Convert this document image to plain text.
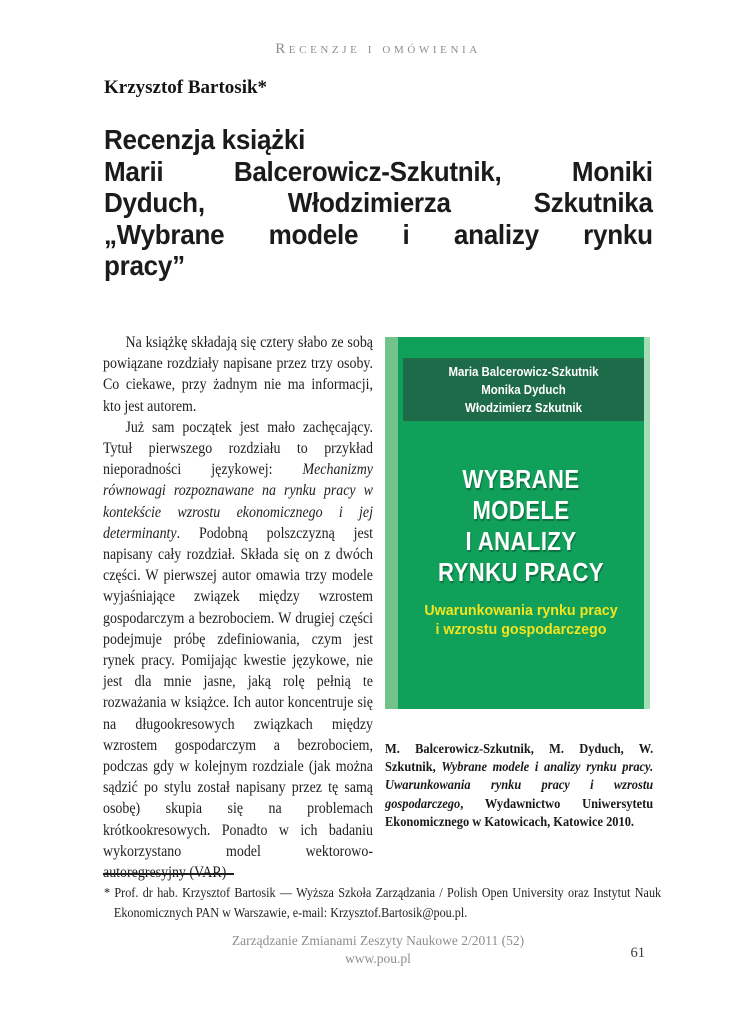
Recenzje i omówienia
Krzysztof Bartosik*
Recenzja książki
Marii Balcerowicz-Szkutnik, Moniki
Dyduch, Włodzimierza Szkutnika
„Wybrane modele i analizy rynku
pracy”

Na książkę składają się cztery słabo ze sobą powiązane rozdziały napisane przez trzy osoby. Co ciekawe, przy żadnym nie ma informacji, kto jest autorem.

Już sam początek jest mało zachęcający. Tytuł pierwszego rozdziału to przykład nieporadności językowej: Mechanizmy równowagi rozpoznawane na rynku pracy w kontekście wzrostu ekonomicznego i jej determinanty. Podobną polszczyzną jest napisany cały rozdział. Składa się on z dwóch części. W pierwszej autor omawia trzy modele wyjaśniające związek między wzrostem gospodarczym a bezrobociem. W drugiej części podejmuje próbę zdefiniowania, czym jest rynek pracy. Pomijając kwestie językowe, nie jest dla mnie jasne, jaką rolę pełnią te rozważania w książce. Ich autor koncentruje się na długookresowych związkach między wzrostem gospodarczym a bezrobociem, podczas gdy w kolejnym rozdziale (jak można sądzić po stylu został napisany przez tę samą osobę) skupia się na problemach krótkookresowych. Ponadto w ich badaniu wykorzystano model wektorowo-autoregresyjny (VAR)

Maria Balcerowicz-Szkutnik
Monika Dyduch
Włodzimierz Szkutnik
WYBRANE MODELE
I ANALIZY
RYNKU PRACY
Uwarunkowania rynku pracy
i wzrostu gospodarczego
M. Balcerowicz-Szkutnik, M. Dyduch, W. Szkutnik, Wybrane modele i analizy rynku pracy. Uwarunkowania rynku pracy i wzrostu gospodarczego, Wydawnictwo Uniwersytetu Ekonomicznego w Katowicach, Katowice 2010.
* Prof. dr hab. Krzysztof Bartosik — Wyższa Szkoła Zarządzania / Polish Open University oraz Instytut Nauk Ekonomicznych PAN w Warszawie, e-mail: Krzysztof.Bartosik@pou.pl.
Zarządzanie Zmianami Zeszyty Naukowe 2/2011 (52)
www.pou.pl	61
